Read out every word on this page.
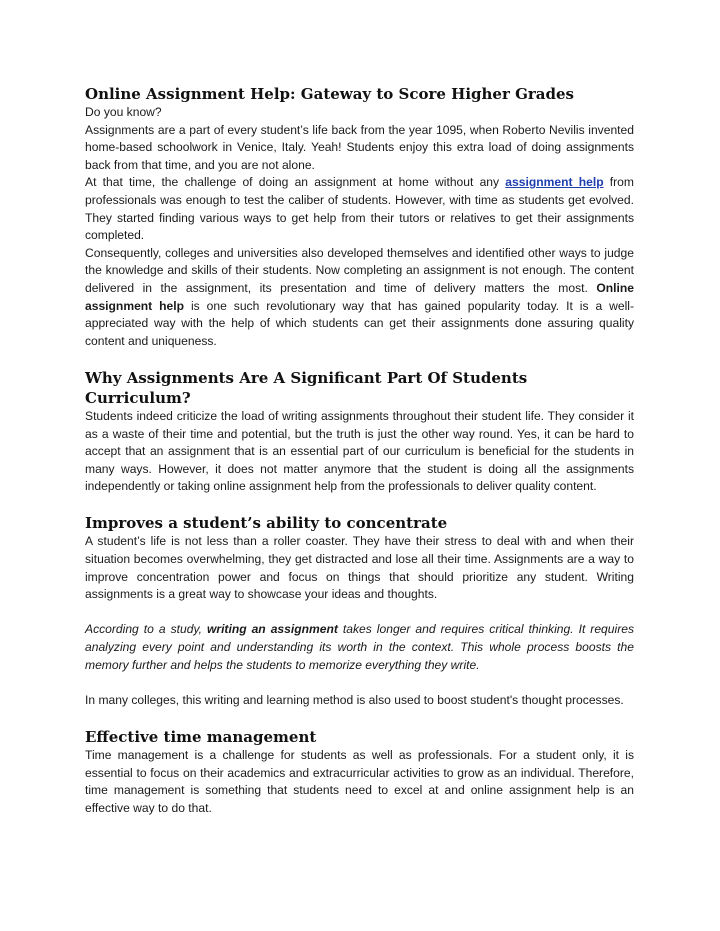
Online Assignment Help: Gateway to Score Higher Grades

Do you know?

Assignments are a part of every student’s life back from the year 1095, when Roberto Nevilis invented home-based schoolwork in Venice, Italy. Yeah! Students enjoy this extra load of doing assignments back from that time, and you are not alone.

At that time, the challenge of doing an assignment at home without any assignment help from professionals was enough to test the caliber of students. However, with time as students get evolved. They started finding various ways to get help from their tutors or relatives to get their assignments completed.

Consequently, colleges and universities also developed themselves and identified other ways to judge the knowledge and skills of their students. Now completing an assignment is not enough. The content delivered in the assignment, its presentation and time of delivery matters the most. Online assignment help is one such revolutionary way that has gained popularity today. It is a well-appreciated way with the help of which students can get their assignments done assuring quality content and uniqueness.

Why Assignments Are A Significant Part Of Students Curriculum?

Students indeed criticize the load of writing assignments throughout their student life. They consider it as a waste of their time and potential, but the truth is just the other way round. Yes, it can be hard to accept that an assignment that is an essential part of our curriculum is beneficial for the students in many ways. However, it does not matter anymore that the student is doing all the assignments independently or taking online assignment help from the professionals to deliver quality content.

Improves a student’s ability to concentrate

A student’s life is not less than a roller coaster. They have their stress to deal with and when their situation becomes overwhelming, they get distracted and lose all their time. Assignments are a way to improve concentration power and focus on things that should prioritize any student. Writing assignments is a great way to showcase your ideas and thoughts.

According to a study, writing an assignment takes longer and requires critical thinking. It requires analyzing every point and understanding its worth in the context. This whole process boosts the memory further and helps the students to memorize everything they write.

In many colleges, this writing and learning method is also used to boost student's thought processes.

Effective time management

Time management is a challenge for students as well as professionals. For a student only, it is essential to focus on their academics and extracurricular activities to grow as an individual. Therefore, time management is something that students need to excel at and online assignment help is an effective way to do that.
